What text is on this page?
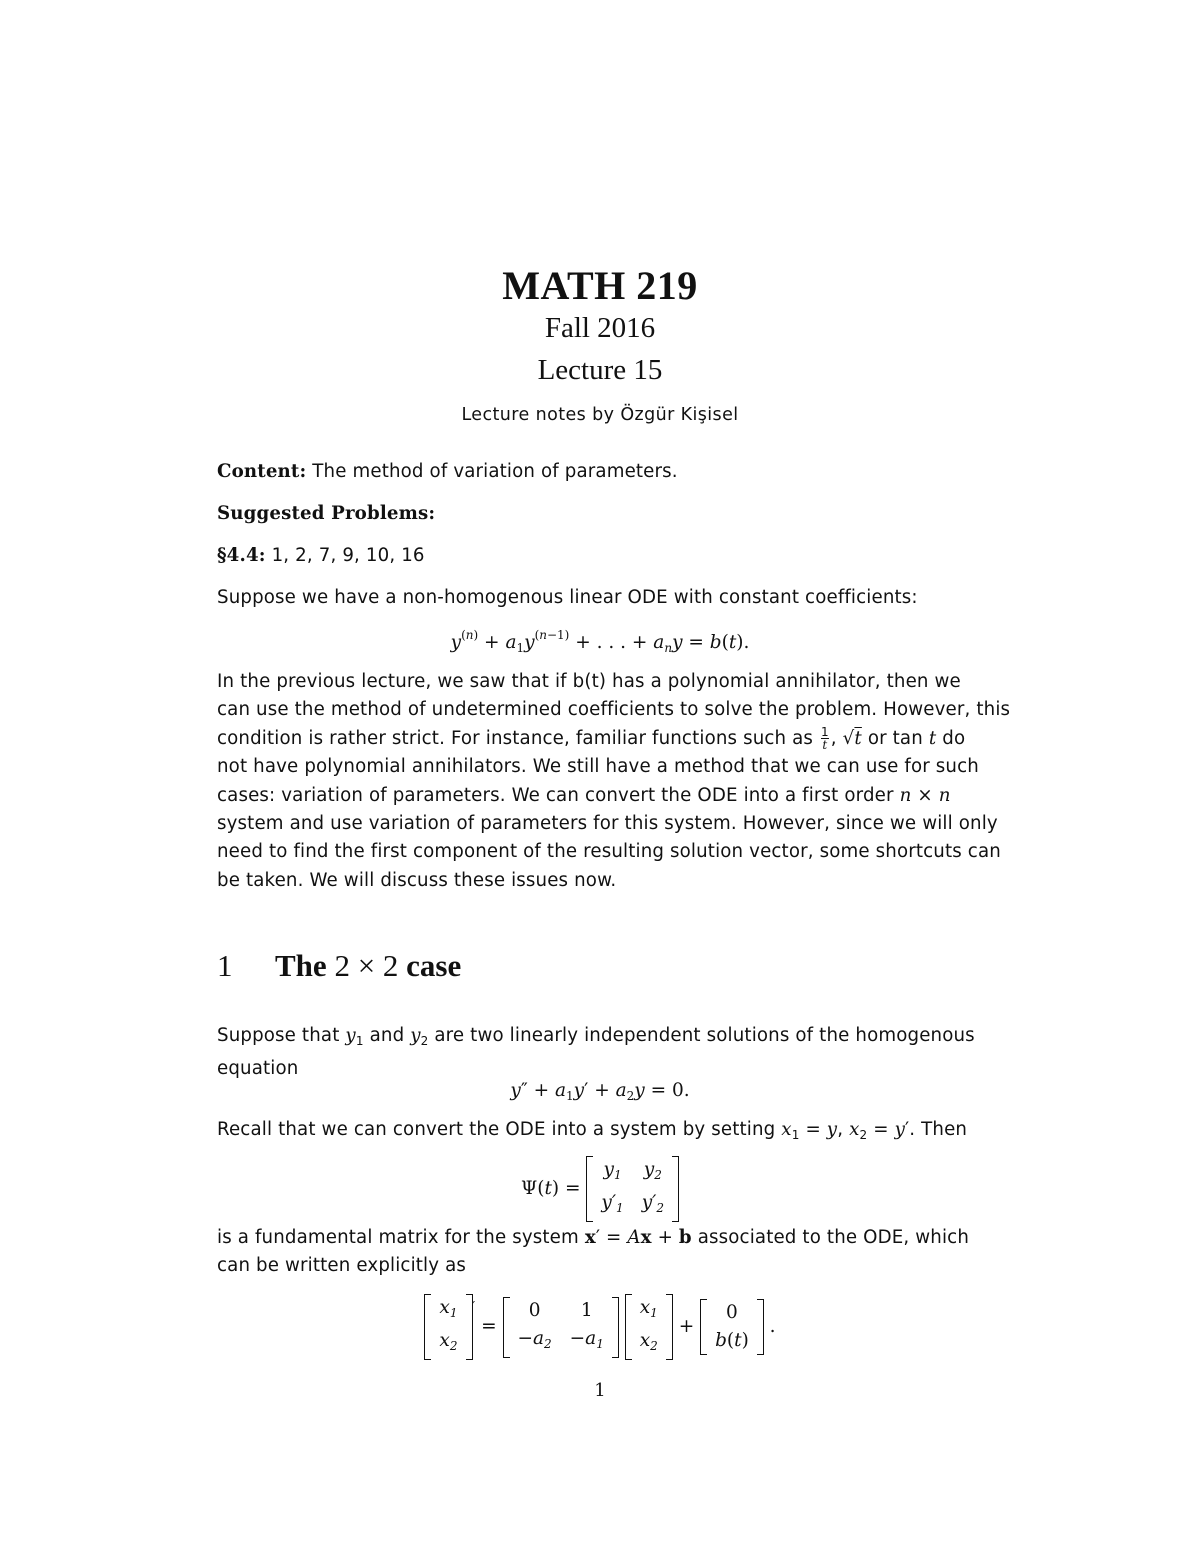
MATH 219
Fall 2016
Lecture 15
Lecture notes by Özgür Kişisel
Content: The method of variation of parameters.
Suggested Problems:
§4.4: 1, 2, 7, 9, 10, 16
Suppose we have a non-homogenous linear ODE with constant coefficients:
$y^{(n)} + a_1y^{(n-1)}$ + . . . + $a_ny = b(t)$.
In the previous lecture, we saw that if b(t) has a polynomial annihilator, then we
can use the method of undetermined coefficients to solve the problem. However, this
condition is rather strict. For instance, familiar functions such as $\frac{1}{t}$ , √t or tan t do
not have polynomial annihilators. We still have a method that we can use for such
cases: variation of parameters. We can convert the ODE into a first order n × n
system and use variation of parameters for this system. However, since we will only
need to find the first component of the resulting solution vector, some shortcuts can
be taken. We will discuss these issues now.
1 The 2 × 2 case
Suppose that $y_1$ and $y_2$ are two linearly independent solutions of the homogenous
equation
$y'' + a_1y' + a_2y = 0$.
Recall that we can convert the ODE into a system by setting $x_1 = y$, $x_2 = y'$. Then
Ψ(t) =
$y_1$	$y_2$
$y'_1$	$y'_2$
is a fundamental matrix for the system x′ = Ax + b associated to the ODE, which
can be written explicitly as
$x_1$
$x_2$
′ =
0	1
$-a_2$	$-a_1$

$x_1$
$x_2$
+
0
b(t)
.
1
